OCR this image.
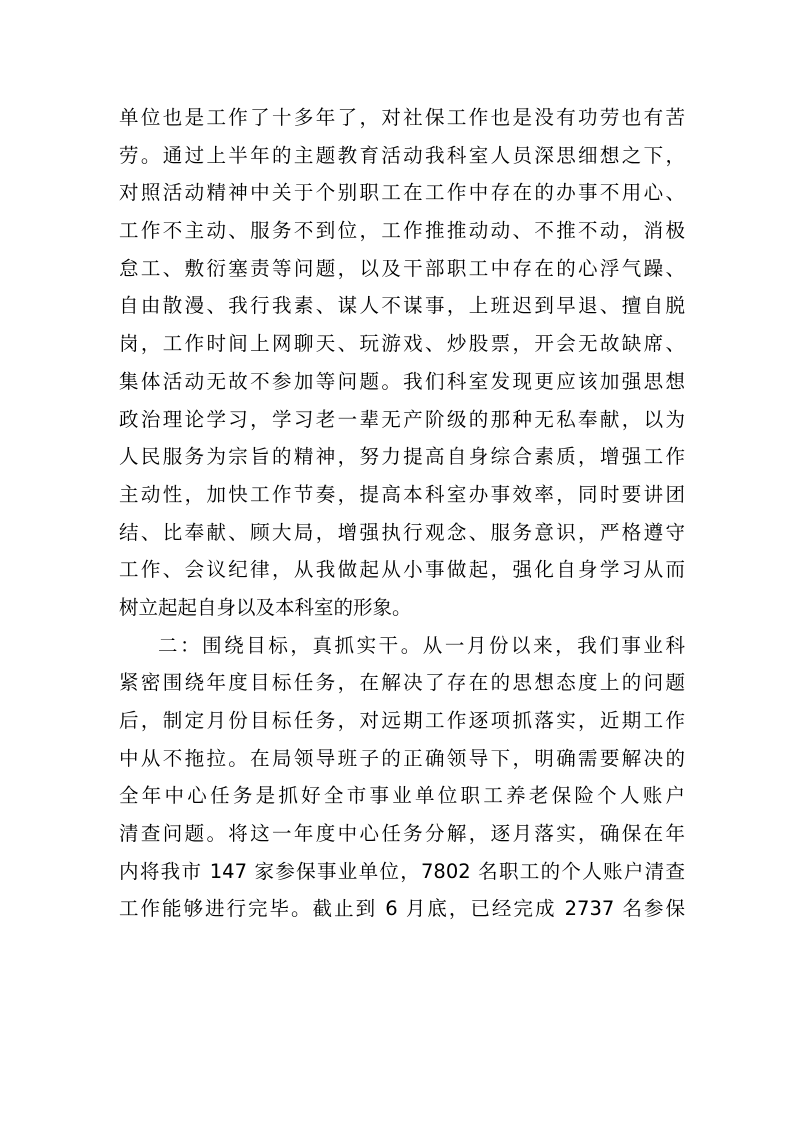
单位也是工作了十多年了，对社保工作也是没有功劳也有苦
劳。通过上半年的主题教育活动我科室人员深思细想之下，
对照活动精神中关于个别职工在工作中存在的办事不用心、
工作不主动、服务不到位，工作推推动动、不推不动，消极
怠工、敷衍塞责等问题，以及干部职工中存在的心浮气躁、
自由散漫、我行我素、谋人不谋事，上班迟到早退、擅自脱
岗，工作时间上网聊天、玩游戏、炒股票，开会无故缺席、
集体活动无故不参加等问题。我们科室发现更应该加强思想
政治理论学习，学习老一辈无产阶级的那种无私奉献，以为
人民服务为宗旨的精神，努力提高自身综合素质，增强工作
主动性，加快工作节奏，提高本科室办事效率，同时要讲团
结、比奉献、顾大局，增强执行观念、服务意识，严格遵守
工作、会议纪律，从我做起从小事做起，强化自身学习从而
树立起起自身以及本科室的形象。
二：围绕目标，真抓实干。从一月份以来，我们事业科
紧密围绕年度目标任务，在解决了存在的思想态度上的问题
后，制定月份目标任务，对远期工作逐项抓落实，近期工作
中从不拖拉。在局领导班子的正确领导下，明确需要解决的
全年中心任务是抓好全市事业单位职工养老保险个人账户
清查问题。将这一年度中心任务分解，逐月落实，确保在年
内将我市 147 家参保事业单位，7802 名职工的个人账户清查
工作能够进行完毕。截止到 6 月底，已经完成 2737 名参保
